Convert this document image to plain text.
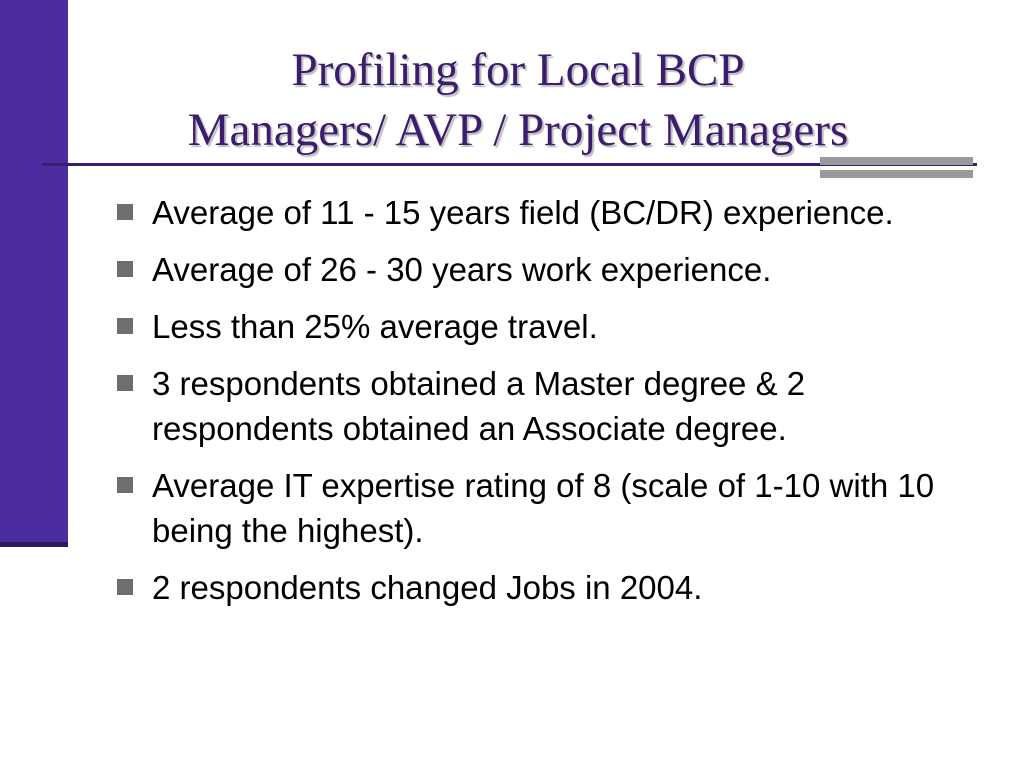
Profiling for Local BCP
Managers/ AVP / Project Managers
Average of 11 - 15 years field (BC/DR) experience.
Average of 26 - 30 years work experience.
Less than 25% average travel.
3 respondents obtained a Master degree & 2 respondents obtained an Associate degree.
Average IT expertise rating of 8 (scale of 1-10 with 10 being the highest).
2 respondents changed Jobs in 2004.
